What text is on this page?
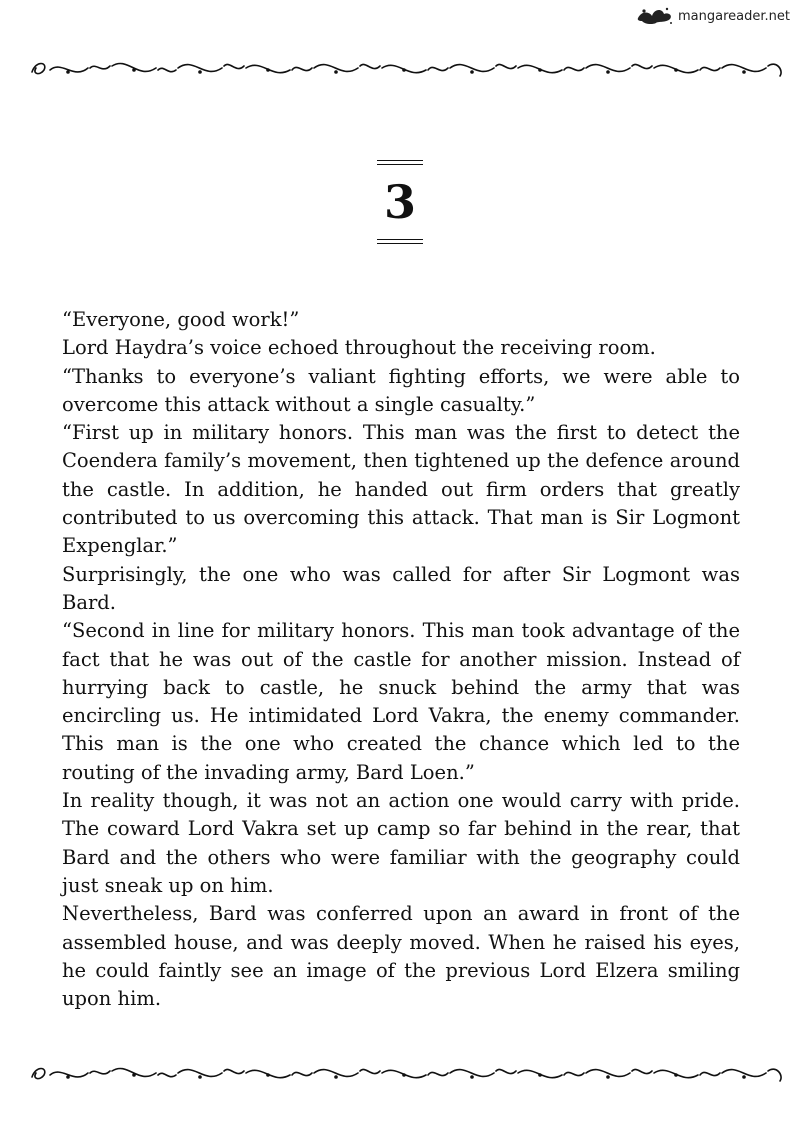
mangareader.net
3

“Everyone, good work!”

Lord Haydra’s voice echoed throughout the receiving room.

“Thanks to everyone’s valiant fighting efforts, we were able to overcome this attack without a single casualty.”

“First up in military honors. This man was the first to detect the Coendera family’s movement, then tightened up the defence around the castle. In addition, he handed out firm orders that greatly contributed to us overcoming this attack. That man is Sir Logmont Expenglar.”

Surprisingly, the one who was called for after Sir Logmont was Bard.

“Second in line for military honors. This man took advantage of the fact that he was out of the castle for another mission. Instead of hurrying back to castle, he snuck behind the army that was encircling us. He intimidated Lord Vakra, the enemy commander. This man is the one who created the chance which led to the routing of the invading army, Bard Loen.”

In reality though, it was not an action one would carry with pride. The coward Lord Vakra set up camp so far behind in the rear, that Bard and the others who were familiar with the geography could just sneak up on him.

Nevertheless, Bard was conferred upon an award in front of the assembled house, and was deeply moved. When he raised his eyes, he could faintly see an image of the previous Lord Elzera smiling upon him.
